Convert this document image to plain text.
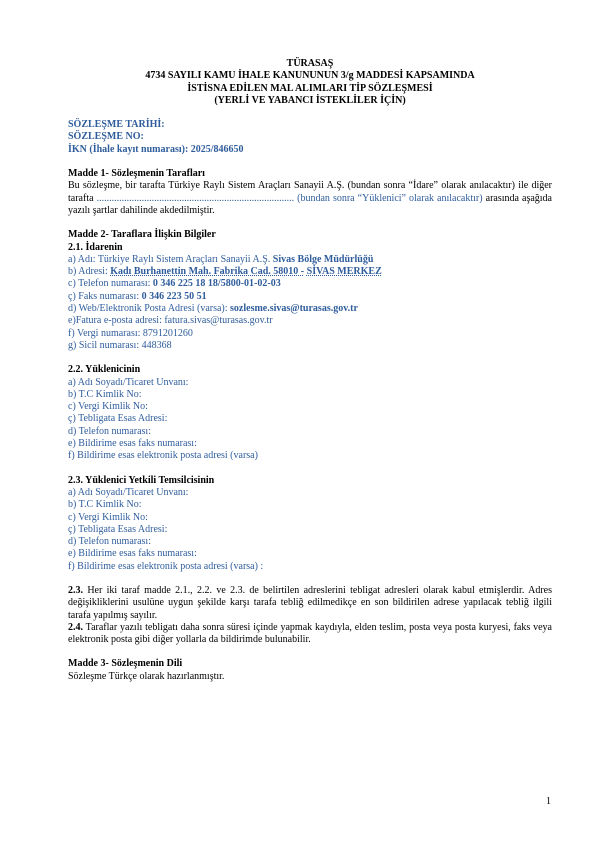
TÜRASAŞ

4734 SAYILI KAMU İHALE KANUNUNUN 3/g MADDESİ KAPSAMINDA

İSTİSNA EDİLEN MAL ALIMLARI TİP SÖZLEŞMESİ

(YERLİ VE YABANCI İSTEKLİLER İÇİN)

SÖZLEŞME TARİHİ:

SÖZLEŞME NO:

İKN (İhale kayıt numarası): 2025/846650

Madde 1- Sözleşmenin Tarafları

Bu sözleşme, bir tarafta Türkiye Raylı Sistem Araçları Sanayii A.Ş. (bundan sonra “İdare” olarak anılacaktır) ile diğer tarafta ............................................................................... (bundan sonra “Yüklenici” olarak anılacaktır) arasında aşağıda yazılı şartlar dahilinde akdedilmiştir.

Madde 2- Taraflara İlişkin Bilgiler

2.1. İdarenin

a) Adı: Türkiye Raylı Sistem Araçları Sanayii A.Ş. Sivas Bölge Müdürlüğü

b) Adresi: Kadı Burhanettin Mah. Fabrika Cad. 58010 - SİVAS MERKEZ

c) Telefon numarası: 0 346 225 18 18/5800-01-02-03

ç) Faks numarası: 0 346 223 50 51

d) Web/Elektronik Posta Adresi (varsa): sozlesme.sivas@turasas.gov.tr

e)Fatura e-posta adresi: fatura.sivas@turasas.gov.tr

f) Vergi numarası: 8791201260

g) Sicil numarası: 448368

2.2. Yüklenicinin

a) Adı Soyadı/Ticaret Unvanı:

b) T.C Kimlik No:

c) Vergi Kimlik No:

ç) Tebligata Esas Adresi:

d) Telefon numarası:

e) Bildirime esas faks numarası:

f) Bildirime esas elektronik posta adresi (varsa)

2.3. Yüklenici Yetkili Temsilcisinin

a) Adı Soyadı/Ticaret Unvanı:

b) T.C Kimlik No:

c) Vergi Kimlik No:

ç) Tebligata Esas Adresi:

d) Telefon numarası:

e) Bildirime esas faks numarası:

f) Bildirime esas elektronik posta adresi (varsa) :

2.3. Her iki taraf madde 2.1., 2.2. ve 2.3. de belirtilen adreslerini tebligat adresleri olarak kabul etmişlerdir. Adres değişikliklerini usulüne uygun şekilde karşı tarafa tebliğ edilmedikçe en son bildirilen adrese yapılacak tebliğ ilgili tarafa yapılmış sayılır.

2.4. Taraflar yazılı tebligatı daha sonra süresi içinde yapmak kaydıyla, elden teslim, posta veya posta kuryesi, faks veya elektronik posta gibi diğer yollarla da bildirimde bulunabilir.

Madde 3- Sözleşmenin Dili

Sözleşme Türkçe olarak hazırlanmıştır.

1
